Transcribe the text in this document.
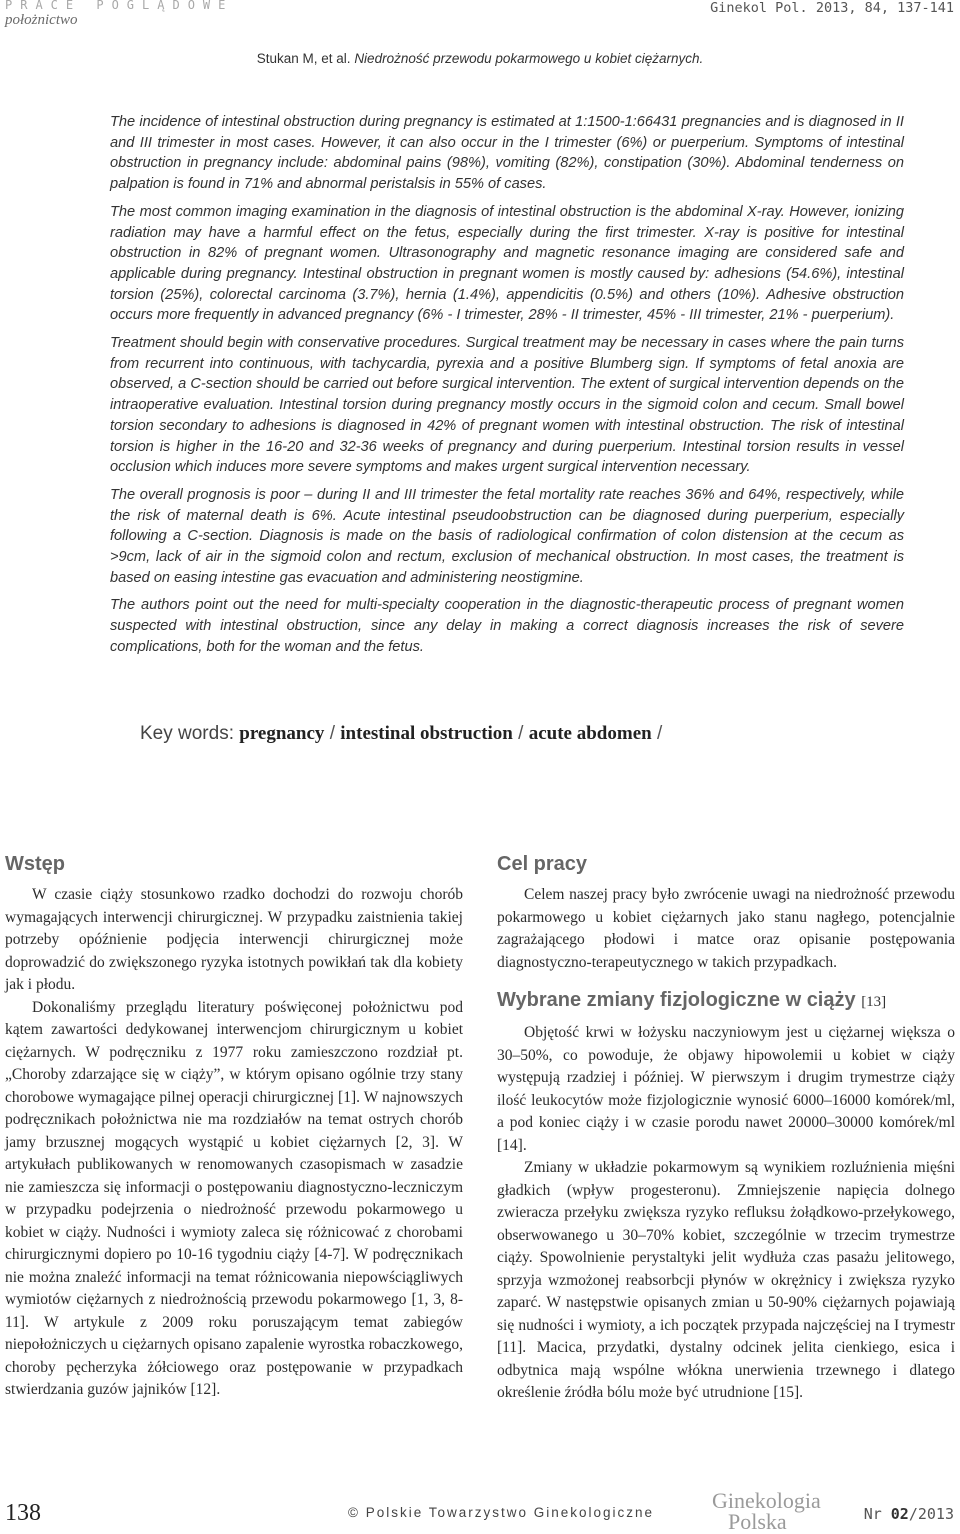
PRACE POGLĄDOWE
położnictwo
Ginekol Pol. 2013, 84, 137-141
Stukan M, et al. Niedrożność przewodu pokarmowego u kobiet ciężarnych.

The incidence of intestinal obstruction during pregnancy is estimated at 1:1500-1:66431 pregnancies and is diagnosed in II and III trimester in most cases. However, it can also occur in the I trimester (6%) or puerperium. Symptoms of intestinal obstruction in pregnancy include: abdominal pains (98%), vomiting (82%), constipation (30%). Abdominal tenderness on palpation is found in 71% and abnormal peristalsis in 55% of cases.

The most common imaging examination in the diagnosis of intestinal obstruction is the abdominal X-ray. However, ionizing radiation may have a harmful effect on the fetus, especially during the first trimester. X-ray is positive for intestinal obstruction in 82% of pregnant women. Ultrasonography and magnetic resonance imaging are considered safe and applicable during pregnancy. Intestinal obstruction in pregnant women is mostly caused by: adhesions (54.6%), intestinal torsion (25%), colorectal carcinoma (3.7%), hernia (1.4%), appendicitis (0.5%) and others (10%). Adhesive obstruction occurs more frequently in advanced pregnancy (6% - I trimester, 28% - II trimester, 45% - III trimester, 21% - puerperium).

Treatment should begin with conservative procedures. Surgical treatment may be necessary in cases where the pain turns from recurrent into continuous, with tachycardia, pyrexia and a positive Blumberg sign. If symptoms of fetal anoxia are observed, a C-section should be carried out before surgical intervention. The extent of surgical intervention depends on the intraoperative evaluation. Intestinal torsion during pregnancy mostly occurs in the sigmoid colon and cecum. Small bowel torsion secondary to adhesions is diagnosed in 42% of pregnant women with intestinal obstruction. The risk of intestinal torsion is higher in the 16-20 and 32-36 weeks of pregnancy and during puerperium. Intestinal torsion results in vessel occlusion which induces more severe symptoms and makes urgent surgical intervention necessary.

The overall prognosis is poor – during II and III trimester the fetal mortality rate reaches 36% and 64%, respectively, while the risk of maternal death is 6%. Acute intestinal pseudoobstruction can be diagnosed during puerperium, especially following a C-section. Diagnosis is made on the basis of radiological confirmation of colon distension at the cecum as >9cm, lack of air in the sigmoid colon and rectum, exclusion of mechanical obstruction. In most cases, the treatment is based on easing intestine gas evacuation and administering neostigmine.

The authors point out the need for multi-specialty cooperation in the diagnostic-therapeutic process of pregnant women suspected with intestinal obstruction, since any delay in making a correct diagnosis increases the risk of severe complications, both for the woman and the fetus.

Key words: pregnancy / intestinal obstruction / acute abdomen /
Wstęp

W czasie ciąży stosunkowo rzadko dochodzi do rozwoju chorób wymagających interwencji chirurgicznej. W przypadku zaistnienia takiej potrzeby opóźnienie podjęcia interwencji chirurgicznej może doprowadzić do zwiększonego ryzyka istotnych powikłań tak dla kobiety jak i płodu.

Dokonaliśmy przeglądu literatury poświęconej położnictwu pod kątem zawartości dedykowanej interwencjom chirurgicznym u kobiet ciężarnych. W podręczniku z 1977 roku zamieszczono rozdział pt. „Choroby zdarzające się w ciąży”, w którym opisano ogólnie trzy stany chorobowe wymagające pilnej operacji chirurgicznej [1]. W najnowszych podręcznikach położnictwa nie ma rozdziałów na temat ostrych chorób jamy brzusznej mogących wystąpić u kobiet ciężarnych [2, 3]. W artykułach publikowanych w renomowanych czasopismach w zasadzie nie zamieszcza się informacji o postępowaniu diagnostyczno-leczniczym w przypadku podejrzenia o niedrożność przewodu pokarmowego u kobiet w ciąży. Nudności i wymioty zaleca się różnicować z chorobami chirurgicznymi dopiero po 10-16 tygodniu ciąży [4-7]. W podręcznikach nie można znaleźć informacji na temat różnicowania niepowściągliwych wymiotów ciężarnych z niedrożnością przewodu pokarmowego [1, 3, 8-11]. W artykule z 2009 roku poruszającym temat zabiegów niepołożniczych u ciężarnych opisano zapalenie wyrostka robaczkowego, choroby pęcherzyka żółciowego oraz postępowanie w przypadkach stwierdzania guzów jajników [12].

Cel pracy

Celem naszej pracy było zwrócenie uwagi na niedrożność przewodu pokarmowego u kobiet ciężarnych jako stanu nagłego, potencjalnie zagrażającego płodowi i matce oraz opisanie postępowania diagnostyczno-terapeutycznego w takich przypadkach.

Wybrane zmiany fizjologiczne w ciąży [13]

Objętość krwi w łożysku naczyniowym jest u ciężarnej większa o 30–50%, co powoduje, że objawy hipowolemii u kobiet w ciąży występują rzadziej i później. W pierwszym i drugim trymestrze ciąży ilość leukocytów może fizjologicznie wynosić 6000–16000 komórek/ml, a pod koniec ciąży i w czasie porodu nawet 20000–30000 komórek/ml [14].

Zmiany w układzie pokarmowym są wynikiem rozluźnienia mięśni gładkich (wpływ progesteronu). Zmniejszenie napięcia dolnego zwieracza przełyku zwiększa ryzyko refluksu żołądkowo-przełykowego, obserwowanego u 30–70% kobiet, szczególnie w trzecim trymestrze ciąży. Spowolnienie perystaltyki jelit wydłuża czas pasażu jelitowego, sprzyja wzmożonej reabsorbcji płynów w okrężnicy i zwiększa ryzyko zaparć. W następstwie opisanych zmian u 50-90% ciężarnych pojawiają się nudności i wymioty, a ich początek przypada najczęściej na I trymestr [11]. Macica, przydatki, dystalny odcinek jelita cienkiego, esica i odbytnica mają wspólne włókna unerwienia trzewnego i dlatego określenie źródła bólu może być utrudnione [15].

138	© Polskie Towarzystwo Ginekologiczne	Ginekologia
Polska	Nr 02/2013
